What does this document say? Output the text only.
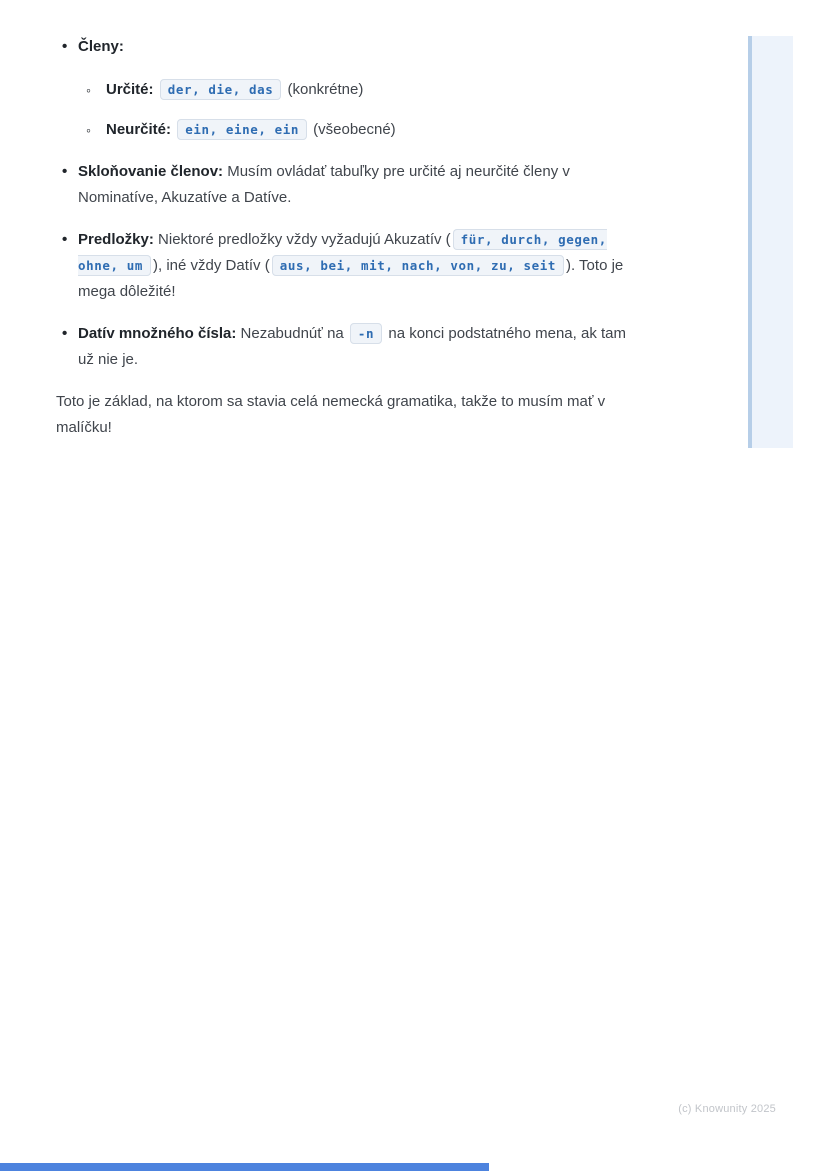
• Členy:
◦ Určité: der, die, das (konkrétne)
◦ Neurčité: ein, eine, ein (všeobecné)
• Skloňovanie členov: Musím ovládať tabuľky pre určité aj neurčité členy v Nominatíve, Akuzatíve a Datíve.
• Predložky: Niektoré predložky vždy vyžadujú Akuzatív ( für, durch, gegen, ohne, um ), iné vždy Datív ( aus, bei, mit, nach, von, zu, seit ). Toto je mega dôležité!
• Datív množného čísla: Nezabudnúť na -n na konci podstatného mena, ak tam už nie je.

Toto je základ, na ktorom sa stavia celá nemecká gramatika, takže to musím mať v malíčku!

(c) Knowunity 2025
